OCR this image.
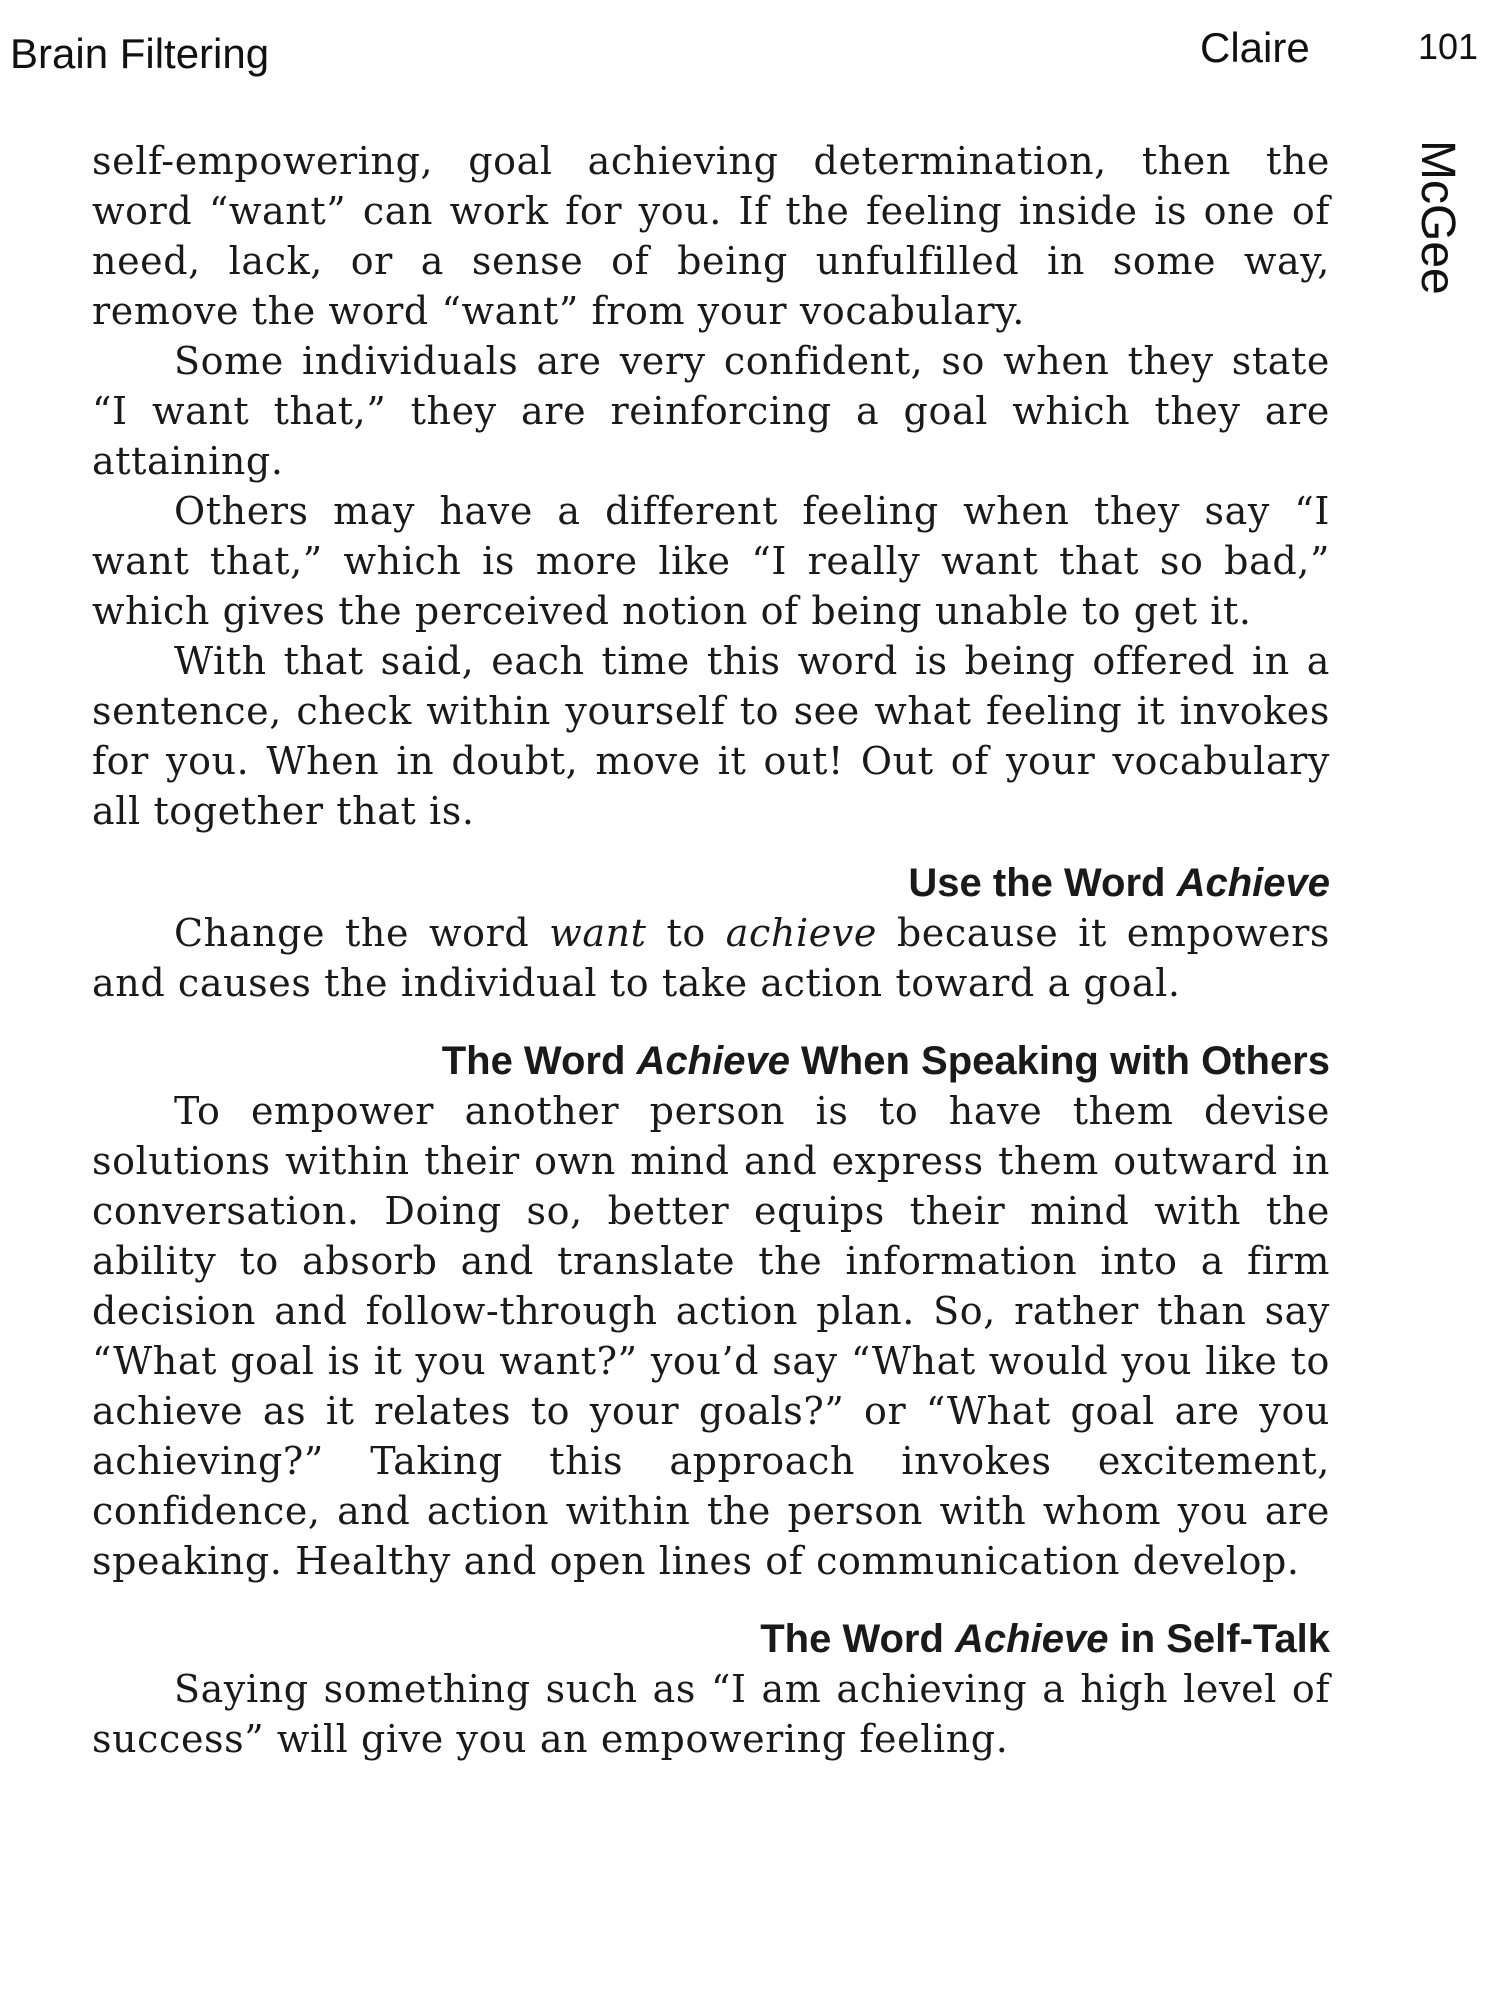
Brain Filtering	Claire	101
McGee

self-empowering, goal achieving determination, then the word “want” can work for you. If the feeling inside is one of need, lack, or a sense of being unfulfilled in some way, remove the word “want” from your vocabulary.

Some individuals are very confident, so when they state “I want that,” they are reinforcing a goal which they are attaining.

Others may have a different feeling when they say “I want that,” which is more like “I really want that so bad,” which gives the perceived notion of being unable to get it.

With that said, each time this word is being offered in a sentence, check within yourself to see what feeling it invokes for you. When in doubt, move it out! Out of your vocabulary all together that is.

Use the Word Achieve

Change the word want to achieve because it empowers and causes the individual to take action toward a goal.

The Word Achieve When Speaking with Others

To empower another person is to have them devise solutions within their own mind and express them outward in conversation. Doing so, better equips their mind with the ability to absorb and translate the information into a firm decision and follow-through action plan. So, rather than say “What goal is it you want?” you’d say “What would you like to achieve as it relates to your goals?” or “What goal are you achieving?” Taking this approach invokes excitement, confidence, and action within the person with whom you are speaking. Healthy and open lines of communication develop.

The Word Achieve in Self-Talk

Saying something such as “I am achieving a high level of success” will give you an empowering feeling.
